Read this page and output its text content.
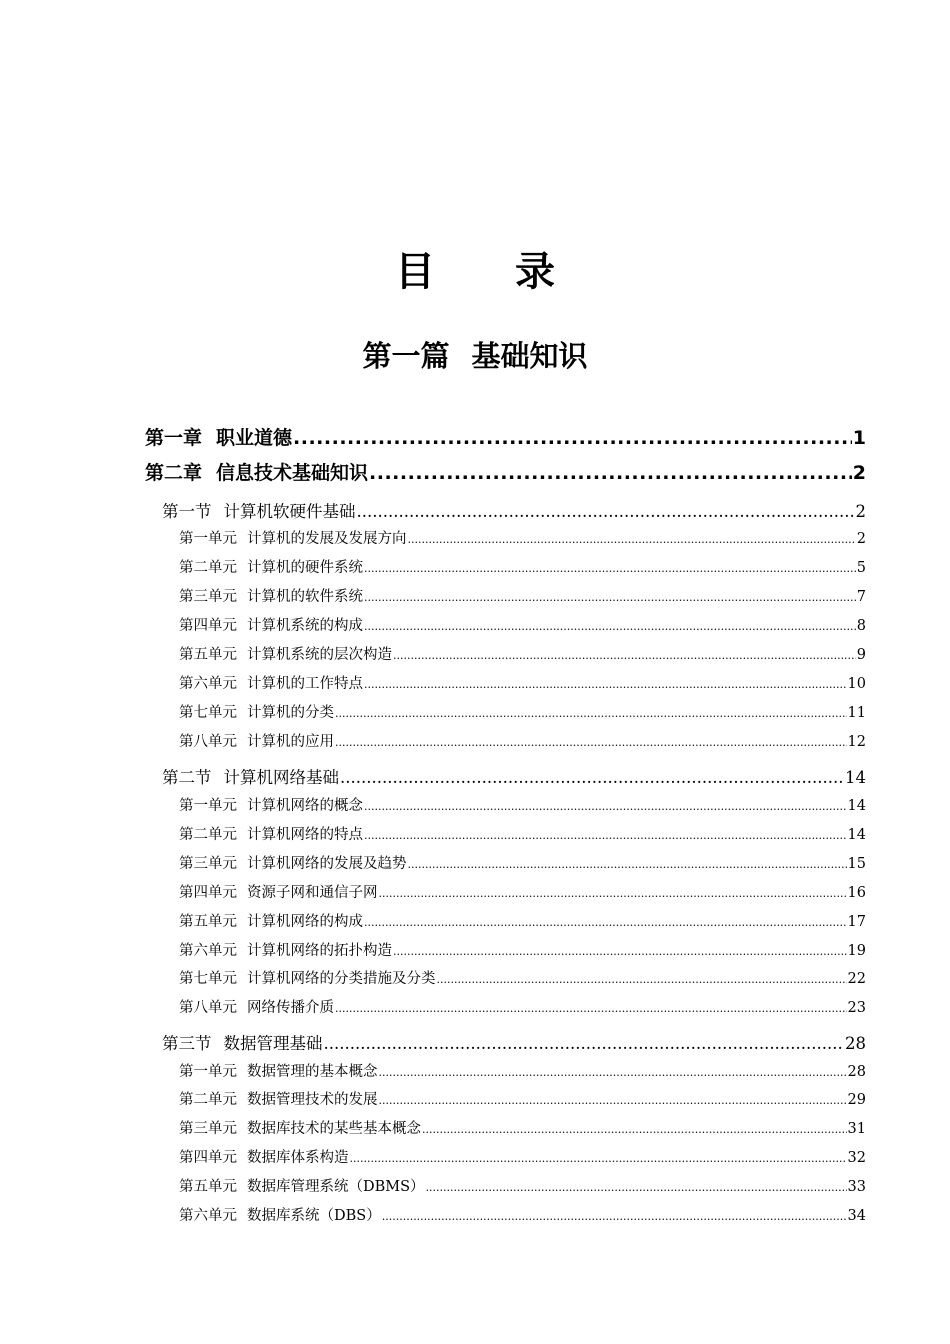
目 录
第一篇 基础知识
第一章 职业道德 .....	1
第二章 信息技术基础知识 .....	2
第一节 计算机软硬件基础 .....	2
第一单元 计算机的发展及发展方向 .....	2
第二单元 计算机的硬件系统 .....	5
第三单元 计算机的软件系统 .....	7
第四单元 计算机系统的构成 .....	8
第五单元 计算机系统的层次构造 .....	9
第六单元 计算机的工作特点 .....	10
第七单元 计算机的分类 .....	11
第八单元 计算机的应用 .....	12
第二节 计算机网络基础 .....	14
第一单元 计算机网络的概念 .....	14
第二单元 计算机网络的特点 .....	14
第三单元 计算机网络的发展及趋势 .....	15
第四单元 资源子网和通信子网 .....	16
第五单元 计算机网络的构成 .....	17
第六单元 计算机网络的拓扑构造 .....	19
第七单元 计算机网络的分类措施及分类 .....	22
第八单元 网络传播介质 .....	23
第三节 数据管理基础 .....	28
第一单元 数据管理的基本概念 .....	28
第二单元 数据管理技术的发展 .....	29
第三单元 数据库技术的某些基本概念 .....	31
第四单元 数据库体系构造 .....	32
第五单元 数据库管理系统（DBMS） .....	33
第六单元 数据库系统（DBS） .....	34
